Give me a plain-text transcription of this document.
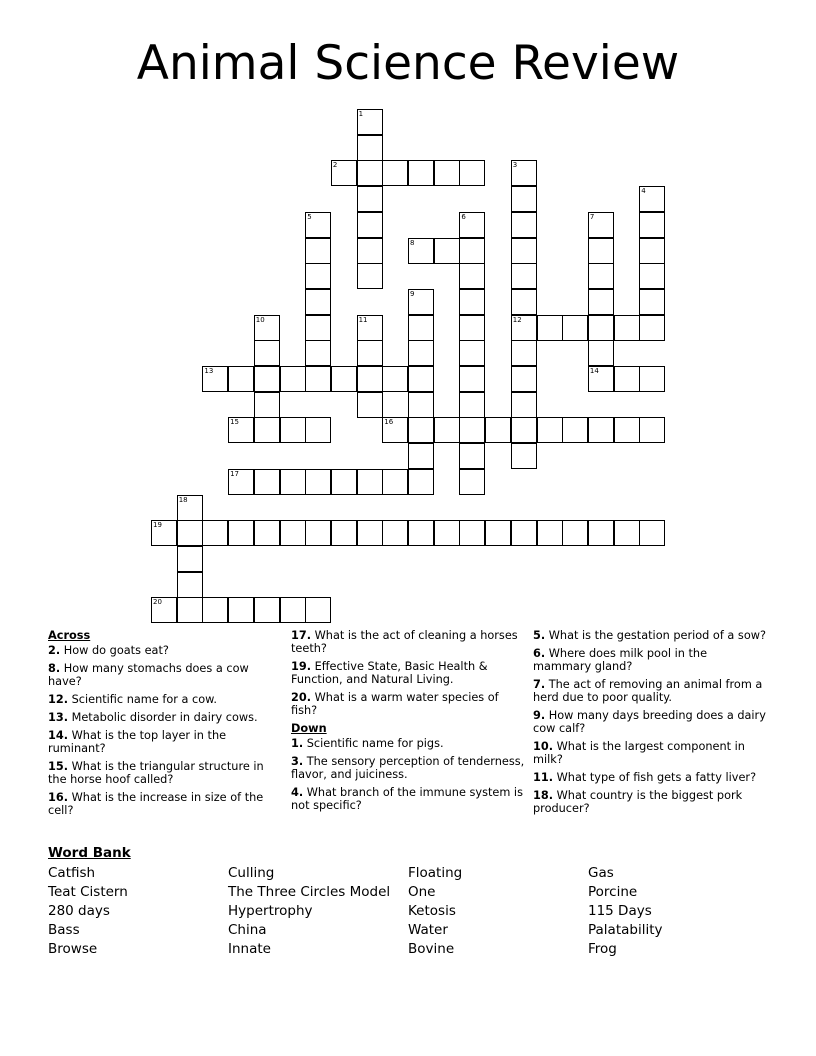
Animal Science Review
1
2	3
12
4
5	6	7
8
9
10	11
13	14
15	16
17
18
19
20
Across
2. How do goats eat?
8. How many stomachs does a cow have?
12. Scientific name for a cow.
13. Metabolic disorder in dairy cows.
14. What is the top layer in the ruminant?
15. What is the triangular structure in the horse hoof called?
16. What is the increase in size of the cell?
17. What is the act of cleaning a horses teeth?
19. Effective State, Basic Health & Function, and Natural Living.
20. What is a warm water species of fish?
Down
1. Scientific name for pigs.
3. The sensory perception of tenderness, flavor, and juiciness.
4. What branch of the immune system is not specific?
5. What is the gestation period of a sow?
6. Where does milk pool in the mammary gland?
7. The act of removing an animal from a herd due to poor quality.
9. How many days breeding does a dairy cow calf?
10. What is the largest component in milk?
11. What type of fish gets a fatty liver?
18. What country is the biggest pork producer?
Word Bank
Catfish
Teat Cistern
280 days
Bass
Browse
Culling
The Three Circles Model
Hypertrophy
China
Innate
Floating
One
Ketosis
Water
Bovine
Gas
Porcine
115 Days
Palatability
Frog
